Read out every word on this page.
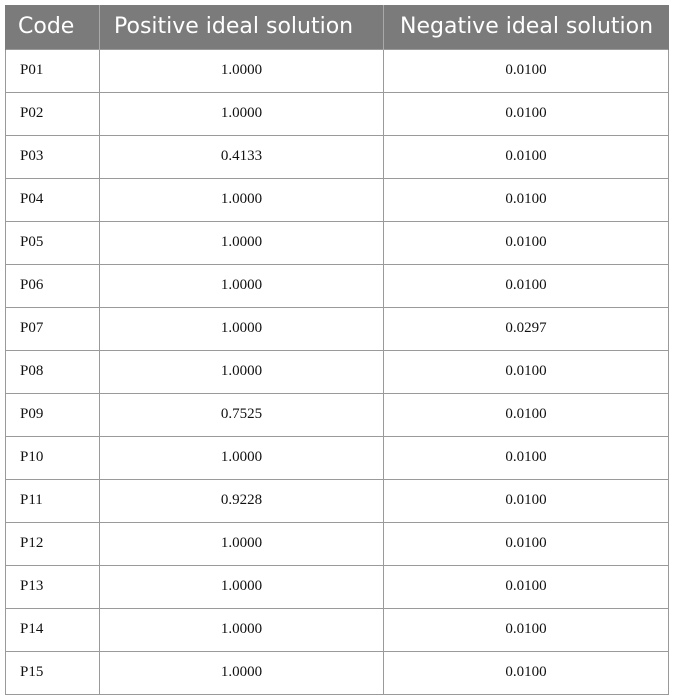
Code	Positive ideal solution	Negative ideal solution
P01	1.0000	0.0100
P02	1.0000	0.0100
P03	0.4133	0.0100
P04	1.0000	0.0100
P05	1.0000	0.0100
P06	1.0000	0.0100
P07	1.0000	0.0297
P08	1.0000	0.0100
P09	0.7525	0.0100
P10	1.0000	0.0100
P11	0.9228	0.0100
P12	1.0000	0.0100
P13	1.0000	0.0100
P14	1.0000	0.0100
P15	1.0000	0.0100
